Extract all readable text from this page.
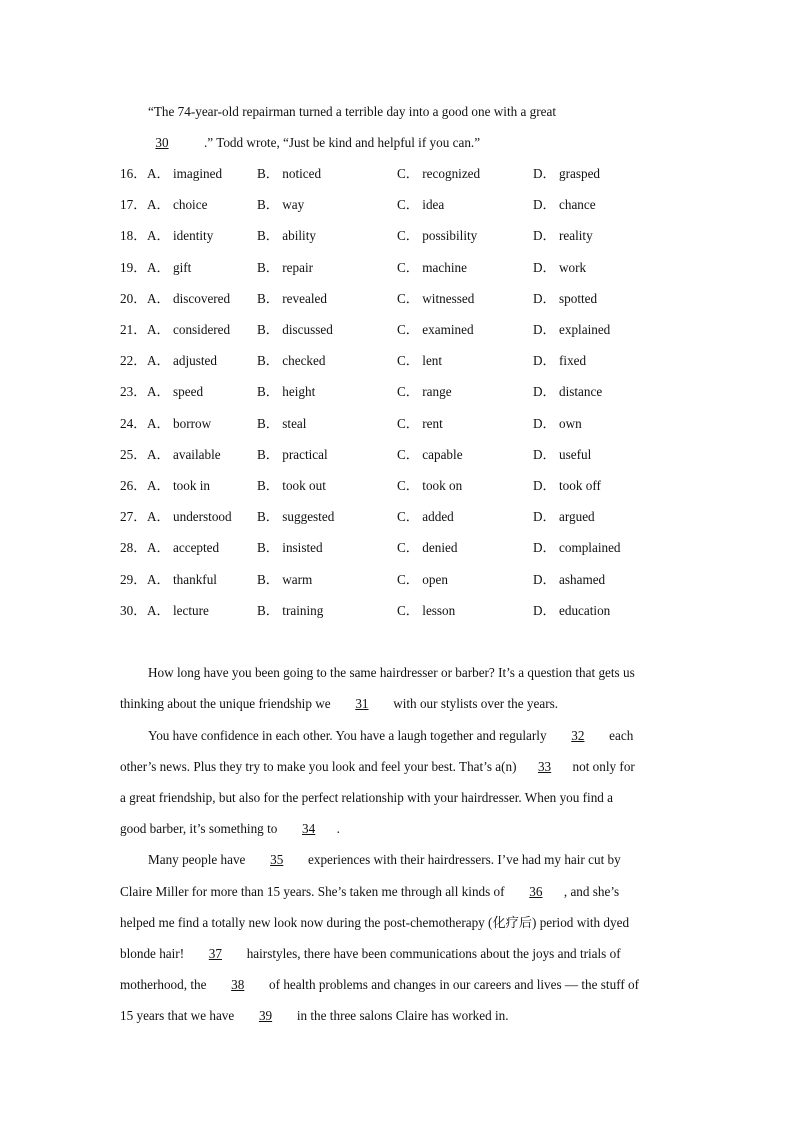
“The 74-year-old repairman turned a terrible day into a good one with a great
30	.” Todd wrote, “Just be kind and helpful if you can.”
16． A． imagined	B． noticed	C． recognized	D． grasped
17． A． choice	B． way	C． idea	D． chance
18． A． identity	B． ability	C． possibility	D． reality
19． A． gift	B． repair	C． machine	D． work
20． A． discovered B． revealed	C． witnessed	D． spotted
21． A． considered B． discussed	C． examined	D． explained
22． A． adjusted	B． checked	C． lent	D． fixed
23． A． speed	B． height	C． range	D． distance
24． A． borrow	B． steal	C． rent	D． own
25． A． available	B． practical	C． capable	D． useful
26． A． took in	B． took out	C． took on	D． took off
27． A． understood B． suggested	C． added	D． argued
28． A． accepted	B． insisted	C． denied	D． complained
29． A． thankful	B． warm	C． open	D． ashamed
30． A． lecture	B． training	C． lesson	D． education
How long have you been going to the same hairdresser or barber? It’s a question that gets us
thinking about the unique friendship we 31 with our stylists over the years.
You have confidence in each other. You have a laugh together and regularly 32 each
other’s news. Plus they try to make you look and feel your best. That’s a(n) 33 not only for
a great friendship, but also for the perfect relationship with your hairdresser. When you find a
good barber, it’s something to 34 .
Many people have 35 experiences with their hairdressers. I’ve had my hair cut by
Claire Miller for more than 15 years. She’s taken me through all kinds of 36 , and she’s
helped me find a totally new look now during the post-chemotherapy (化疗后) period with dyed
blonde hair! 37 hairstyles, there have been communications about the joys and trials of
motherhood, the 38 of health problems and changes in our careers and lives — the stuff of
15 years that we have 39 in the three salons Claire has worked in.
